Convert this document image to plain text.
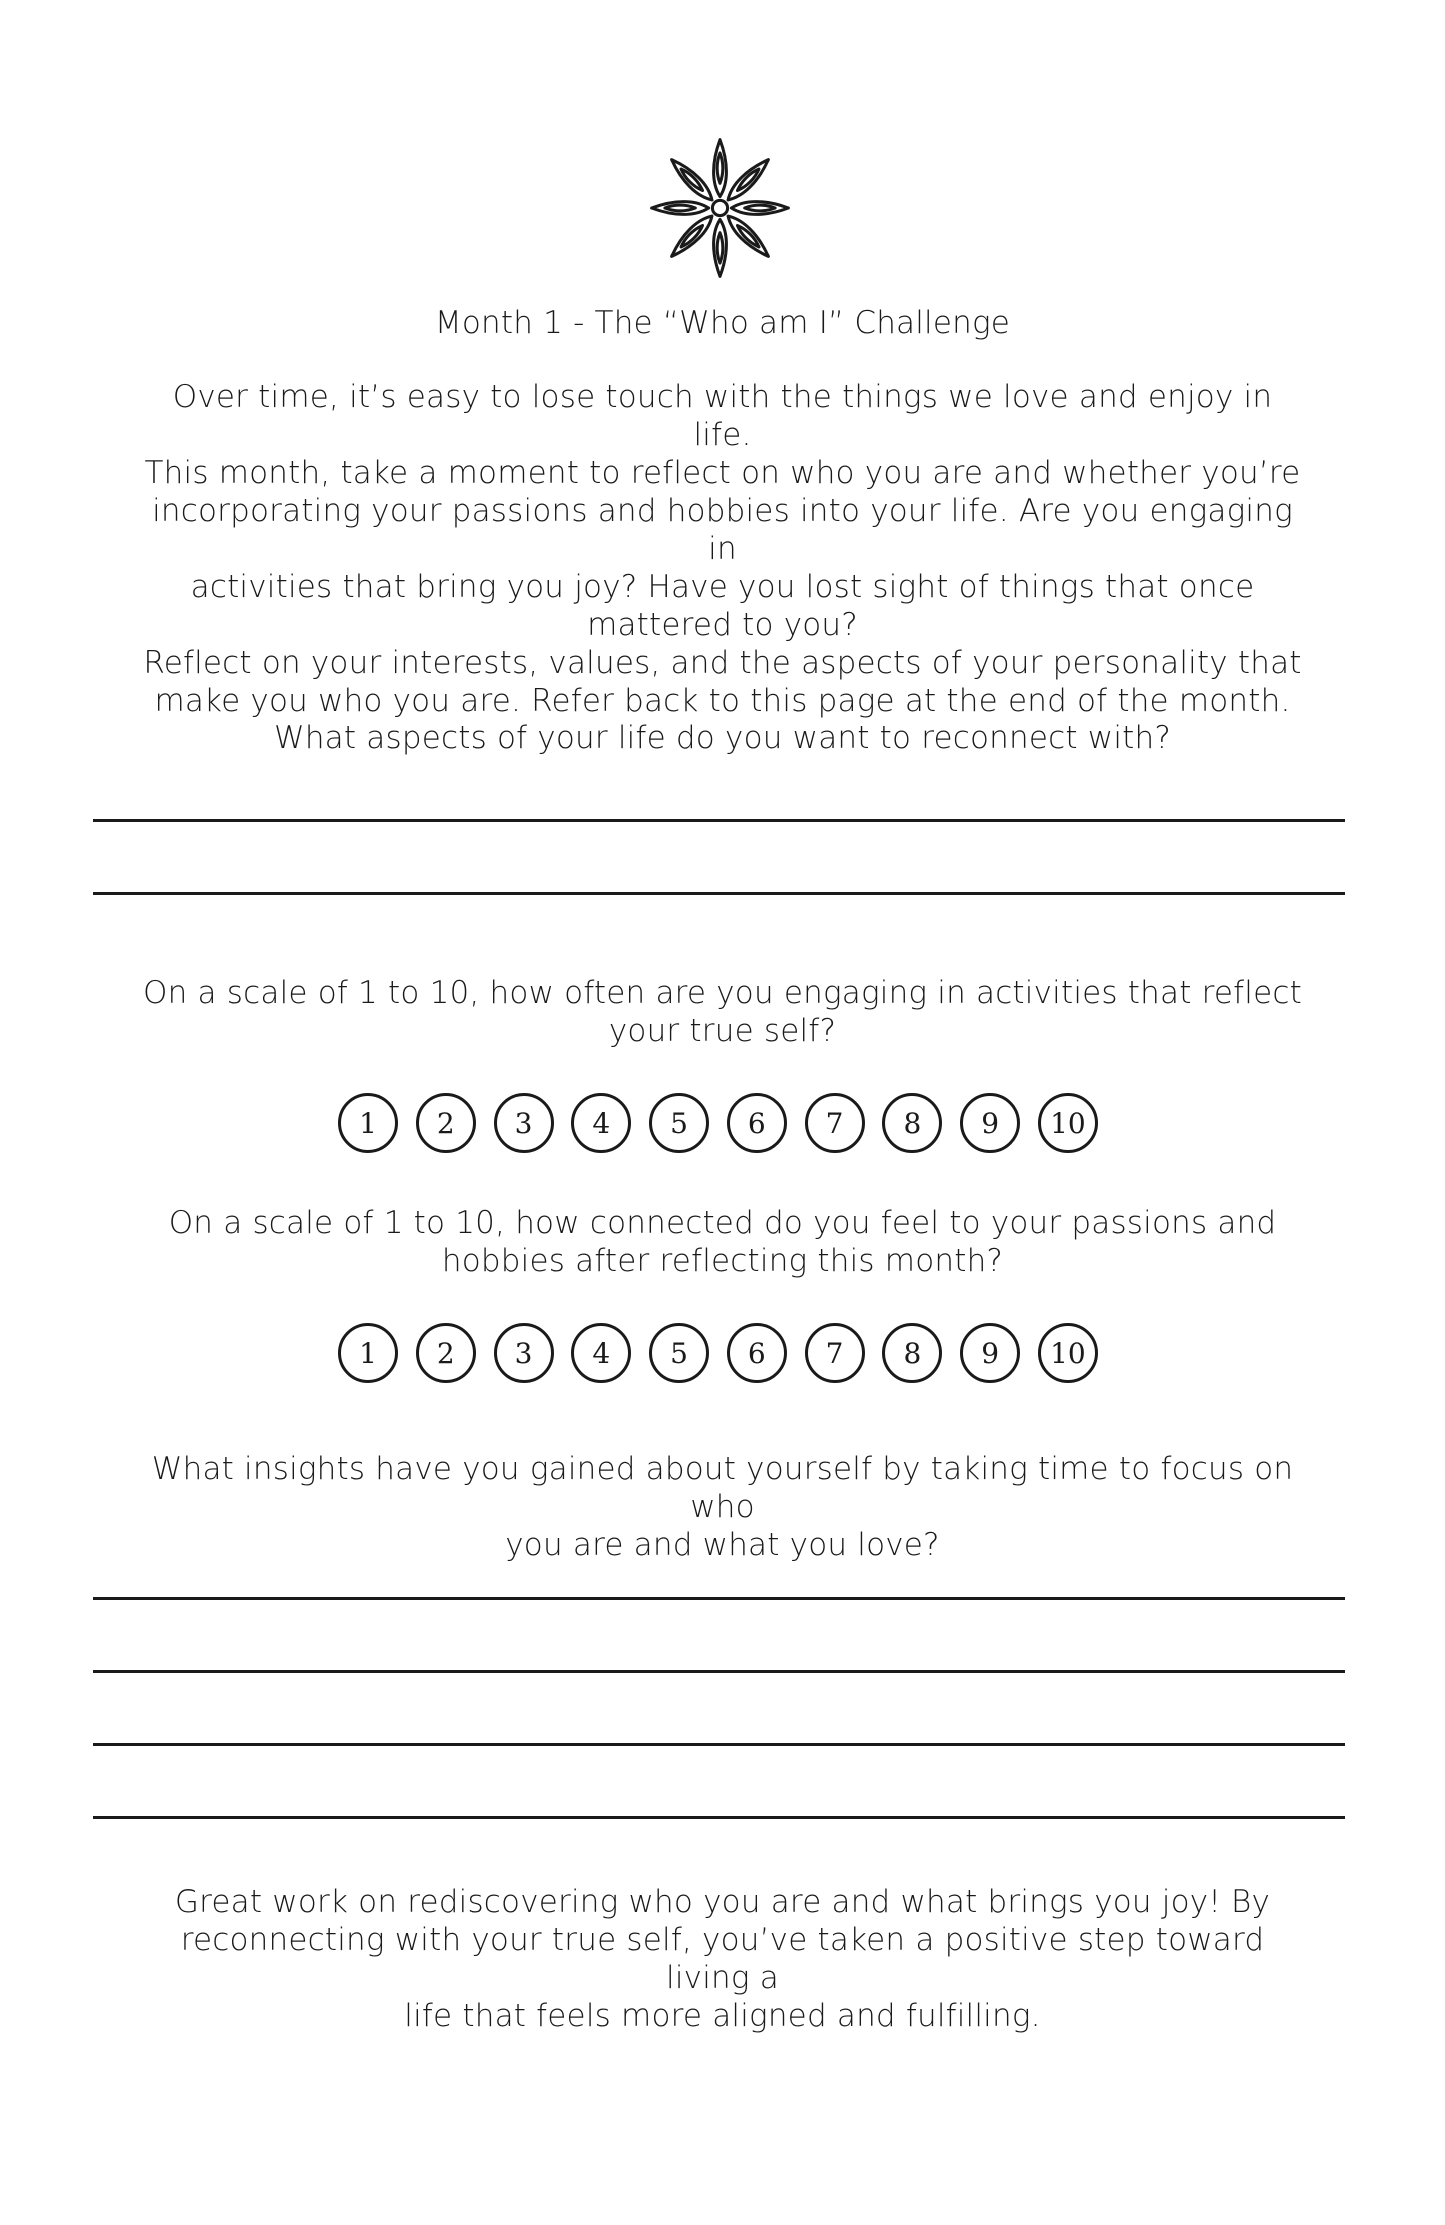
Month 1 - The “Who am I” Challenge

Over time, it’s easy to lose touch with the things we love and enjoy in life.

This month, take a moment to reflect on who you are and whether you’re

incorporating your passions and hobbies into your life. Are you engaging in

activities that bring you joy? Have you lost sight of things that once

mattered to you?

Reflect on your interests, values, and the aspects of your personality that

make you who you are. Refer back to this page at the end of the month.

What aspects of your life do you want to reconnect with?

On a scale of 1 to 10, how often are you engaging in activities that reflect

your true self?

1	2	3	4	5	6	7	8	9	10

On a scale of 1 to 10, how connected do you feel to your passions and

hobbies after reflecting this month?

1	2	3	4	5	6	7	8	9	10

What insights have you gained about yourself by taking time to focus on who

you are and what you love?

Great work on rediscovering who you are and what brings you joy! By

reconnecting with your true self, you’ve taken a positive step toward living a

life that feels more aligned and fulfilling.
